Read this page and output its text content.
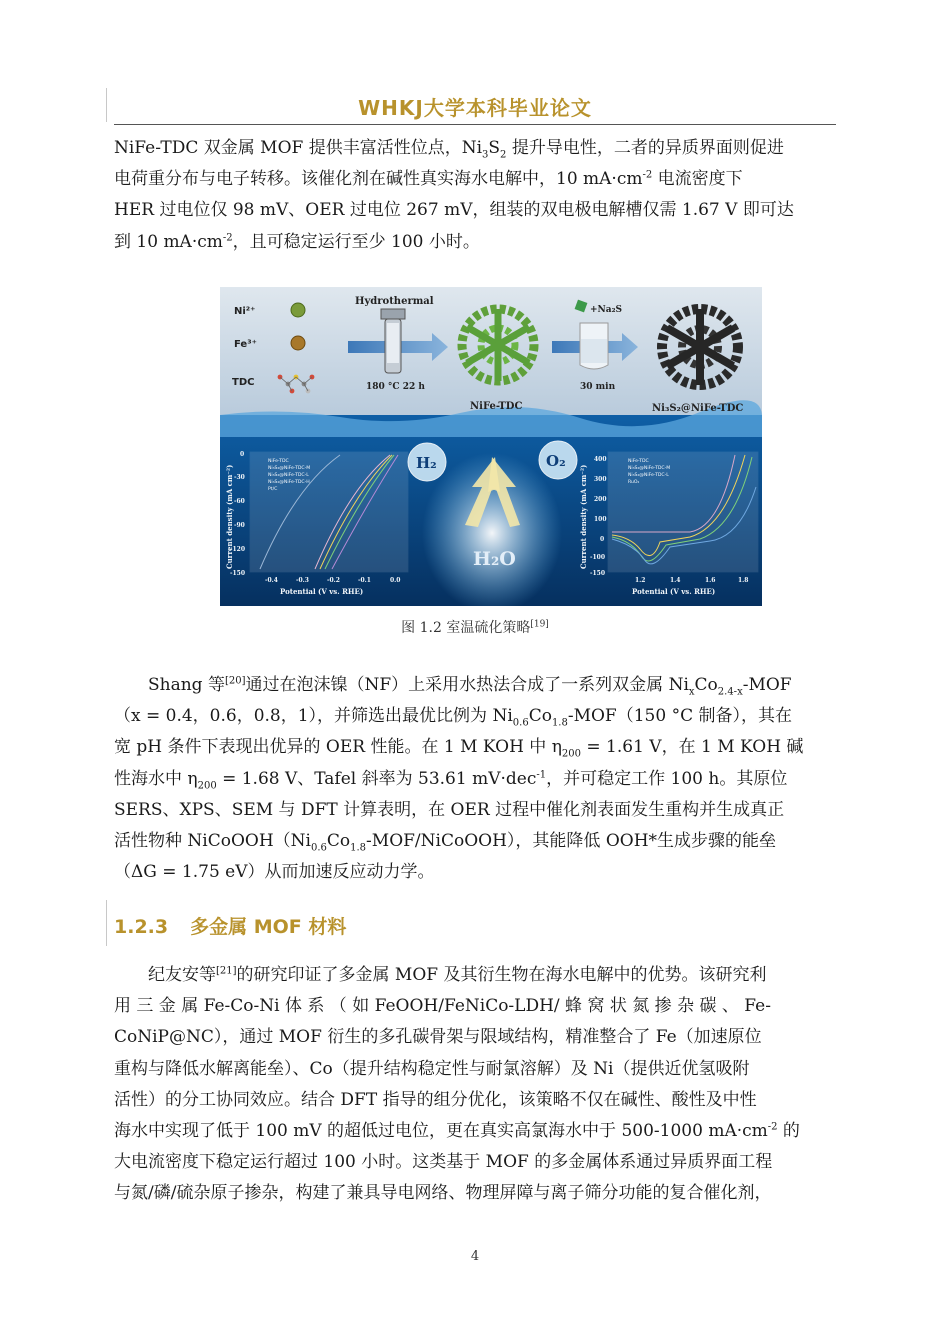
WHKJ大学本科毕业论文

NiFe-TDC 双金属 MOF 提供丰富活性位点，$Ni_3S_2$ 提升导电性，二者的异质界面则促进
电荷重分布与电子转移。该催化剂在碱性真实海水电解中，10 $mA\cdot cm^{-2}$ 电流密度下
HER 过电位仅 98 mV、OER 过电位 267 mV，组装的双电极电解槽仅需 1.67 V 即可达
到 10 $mA\cdot cm^{-2}$，且可稳定运行至少 100 小时。

Ni²⁺
Fe³⁺
TDC
Hydrothermal
180 °C 22 h
NiFe-TDC
+Na₂S
30 min
Ni₃S₂@NiFe-TDC
H₂	O₂
H₂O
-0.4	-0.3	-0.2	-0.1	0.0
0
-30
-60
-90
-120
-150
Potential (V vs. RHE)
Current density (mA cm⁻²)
NiFe-TDC
Ni₃S₂@NiFe-TDC-M
Ni₃S₂@NiFe-TDC-L
Ni₃S₂@NiFe-TDC-H
Pt/C
1.2	1.4	1.6	1.8
400
300
200
100
0
-100
-150
Potential (V vs. RHE)
Current density (mA cm⁻²)
NiFe-TDC
Ni₃S₂@NiFe-TDC-M
Ni₃S₂@NiFe-TDC-L
RuO₂
图 1.2 室温硫化策略[19]

Shang 等[20]通过在泡沫镍（NF）上采用水热法合成了一系列双金属 $Ni_xCo_{2.4-x}$-MOF
（x = 0.4，0.6，0.8，1），并筛选出最优比例为 $Ni_{0.6}Co_{1.8}-MOF(150$ °C 制备），其在
宽 pH 条件下表现出优异的 OER 性能。在 1 M KOH 中 $\eta_{200} = 1.61$ V，在 1 M KOH 碱
性海水中 $\eta_{200} = 1.68$ V、Tafel 斜率为 53.61 mV·dec$^{-1}$，并可稳定工作 100 h。其原位
SERS、XPS、SEM 与 DFT 计算表明，在 OER 过程中催化剂表面发生重构并生成真正
活性物种 $NiCoOOH(Ni_{0.6}Co_{1.8}-MOF/NiCoOOH)$，其能降低 OOH*生成步骤的能垒
（ΔG = 1.75 eV）从而加速反应动力学。

1.2.3 多金属 MOF 材料

纪友安等[21]的研究印证了多金属 MOF 及其衍生物在海水电解中的优势。该研究利
用 三 金 属 Fe-Co-Ni 体 系 （ 如 FeOOH/FeNiCo-LDH/ 蜂 窝 状 氮 掺 杂 碳 、 Fe-
CoNiP@NC），通过 MOF 衍生的多孔碳骨架与限域结构，精准整合了 Fe（加速原位
重构与降低水解离能垒）、Co（提升结构稳定性与耐氯溶解）及 Ni（提供近优氢吸附
活性）的分工协同效应。结合 DFT 指导的组分优化，该策略不仅在碱性、酸性及中性
海水中实现了低于 100 mV 的超低过电位，更在真实高氯海水中于 500-1000 $mA\cdot cm^{-2}$ 的
大电流密度下稳定运行超过 100 小时。这类基于 MOF 的多金属体系通过异质界面工程
与氮/磷/硫杂原子掺杂，构建了兼具导电网络、物理屏障与离子筛分功能的复合催化剂，

4
